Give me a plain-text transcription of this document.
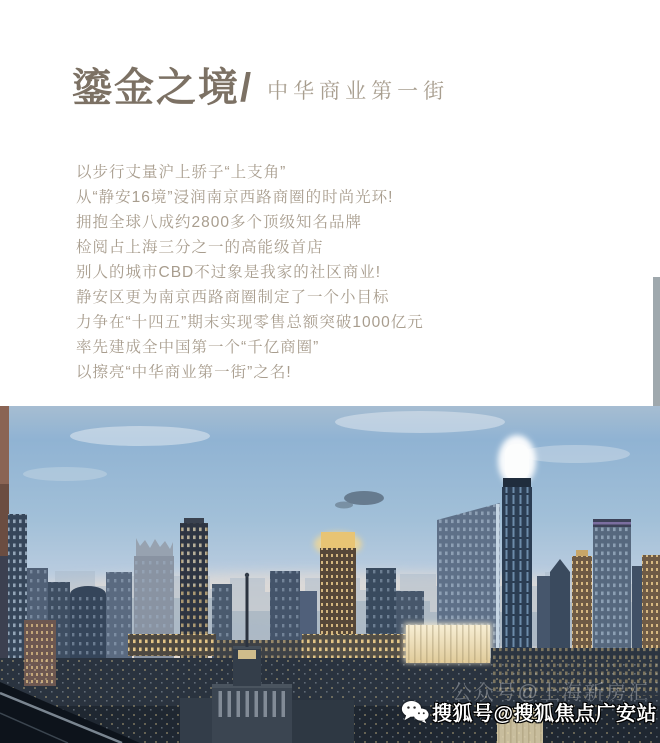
鎏金之境/ 中华商业第一街

以步行丈量沪上骄子“上支角”

从“静安16境”浸润南京西路商圈的时尚光环!

拥抱全球八成约2800多个顶级知名品牌

检阅占上海三分之一的高能级首店

别人的城市CBD不过象是我家的社区商业!

静安区更为南京西路商圈制定了一个小目标

力争在“十四五”期末实现零售总额突破1000亿元

率先建成全中国第一个“千亿商圈”

以擦亮“中华商业第一街”之名!

公众号@上海新房汇
搜狐号@搜狐焦点广安站
